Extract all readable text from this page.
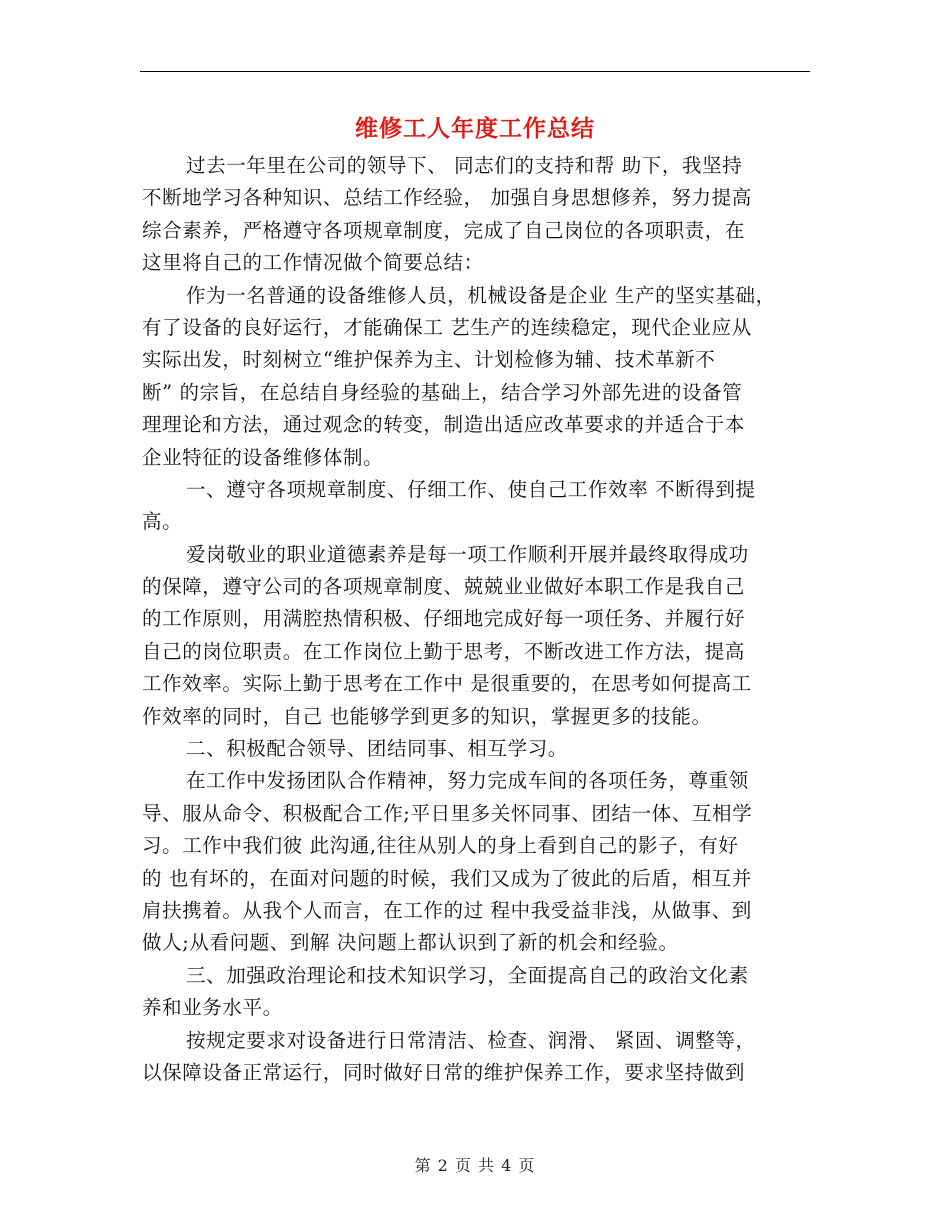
维修工人年度工作总结
过去一年里在公司的领导下、 同志们的支持和帮 助下，我坚持
不断地学习各种知识、总结工作经验， 加强自身思想修养，努力提高
综合素养，严格遵守各项规章制度，完成了自己岗位的各项职责，在
这里将自己的工作情况做个简要总结：
作为一名普通的设备维修人员，机械设备是企业 生产的坚实基础，
有了设备的良好运行，才能确保工 艺生产的连续稳定，现代企业应从
实际出发，时刻树立“维护保养为主、计划检修为辅、技术革新不
断” 的宗旨，在总结自身经验的基础上，结合学习外部先进的设备管
理理论和方法，通过观念的转变，制造出适应改革要求的并适合于本
企业特征的设备维修体制。
一、遵守各项规章制度、仔细工作、使自己工作效率 不断得到提
高。
爱岗敬业的职业道德素养是每一项工作顺利开展并最终取得成功
的保障，遵守公司的各项规章制度、兢兢业业做好本职工作是我自己
的工作原则，用满腔热情积极、仔细地完成好每一项任务、并履行好
自己的岗位职责。在工作岗位上勤于思考，不断改进工作方法，提高
工作效率。实际上勤于思考在工作中 是很重要的，在思考如何提高工
作效率的同时，自己 也能够学到更多的知识，掌握更多的技能。
二、积极配合领导、团结同事、相互学习。
在工作中发扬团队合作精神，努力完成车间的各项任务，尊重领
导、服从命令、积极配合工作;平日里多关怀同事、团结一体、互相学
习。工作中我们彼 此沟通,往往从别人的身上看到自己的影子，有好
的 也有坏的，在面对问题的时候，我们又成为了彼此的后盾，相互并
肩扶携着。从我个人而言，在工作的过 程中我受益非浅，从做事、到
做人;从看问题、到解 决问题上都认识到了新的机会和经验。
三、加强政治理论和技术知识学习，全面提高自己的政治文化素
养和业务水平。
按规定要求对设备进行日常清洁、检查、润滑、 紧固、调整等，
以保障设备正常运行，同时做好日常的维护保养工作，要求坚持做到
第 2 页 共 4 页
